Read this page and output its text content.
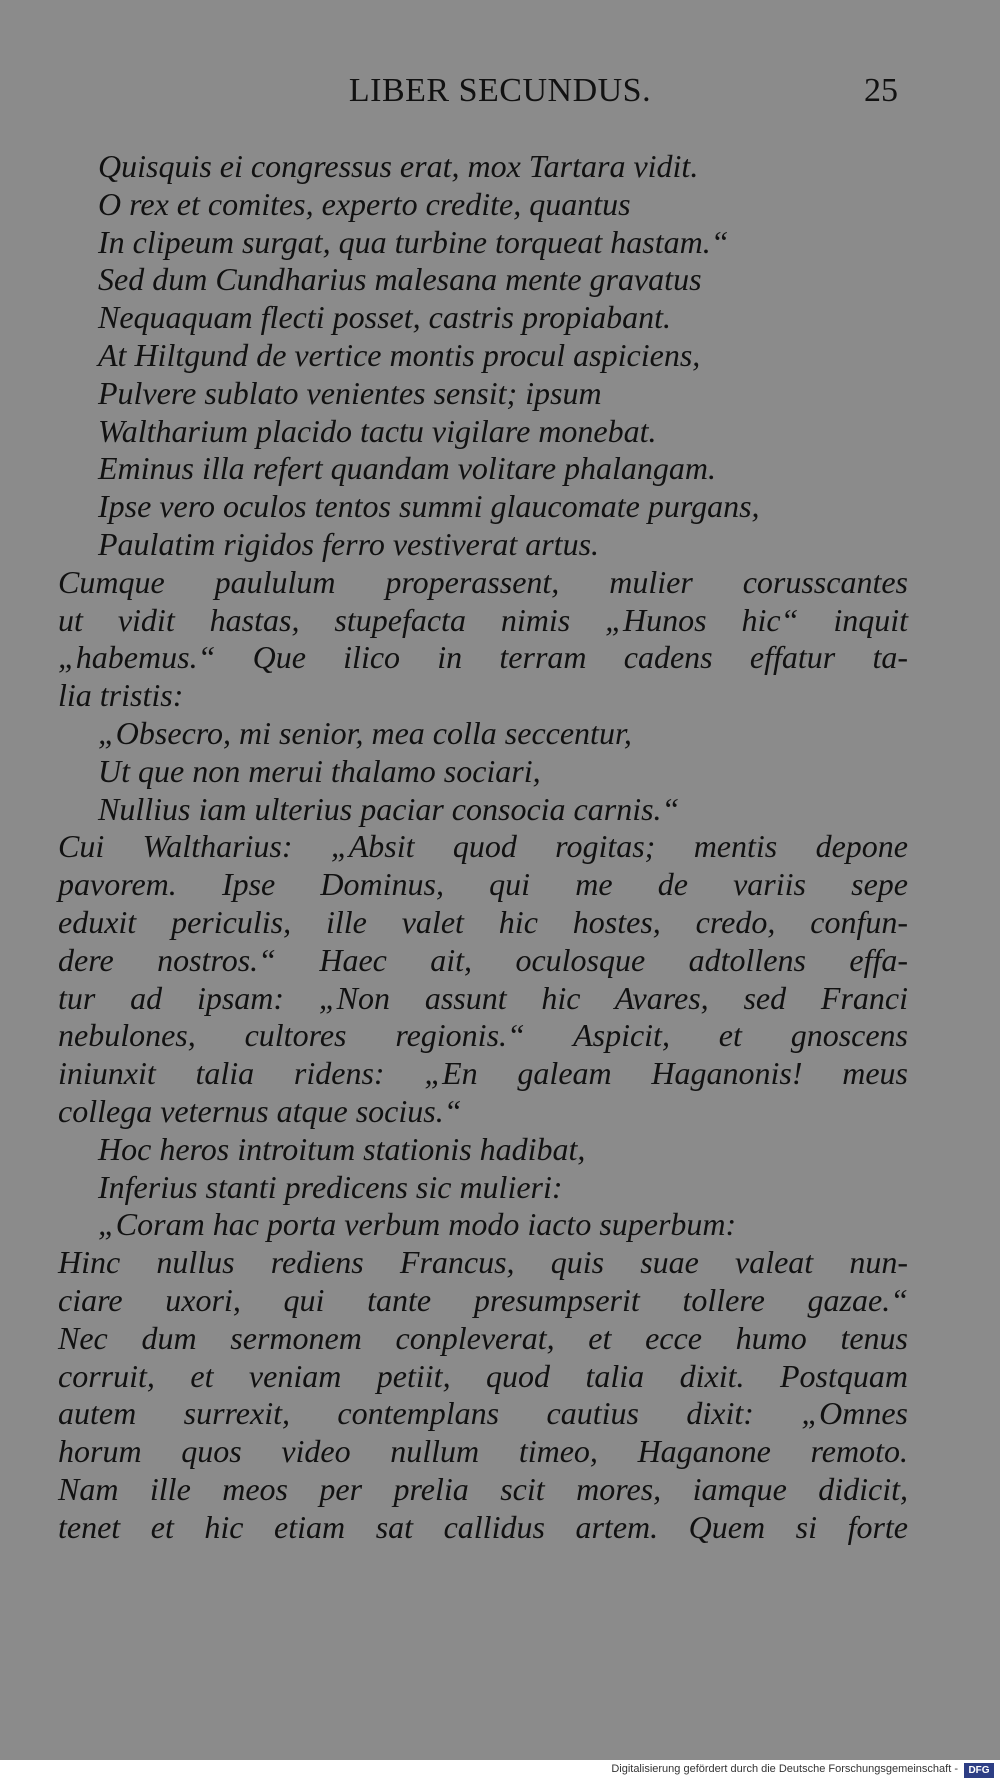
LIBER SECUNDUS.	25
Quisquis ei congressus erat, mox Tartara vidit.
O rex et comites, experto credite, quantus
In clipeum surgat, qua turbine torqueat hastam.“
Sed dum Cundharius malesana mente gravatus
Nequaquam flecti posset, castris propiabant.
At Hiltgund de vertice montis procul aspiciens,
Pulvere sublato venientes sensit; ipsum
Waltharium placido tactu vigilare monebat.
Eminus illa refert quandam volitare phalangam.
Ipse vero oculos tentos summi glaucomate purgans,
Paulatim rigidos ferro vestiverat artus.
Cumque paululum properassent, mulier corusscantes
ut vidit hastas, stupefacta nimis „Hunos hic“ inquit
„habemus.“ Que ilico in terram cadens effatur ta-
lia tristis:
„Obsecro, mi senior, mea colla seccentur,
Ut que non merui thalamo sociari,
Nullius iam ulterius paciar consocia carnis.“
Cui Waltharius: „Absit quod rogitas; mentis depone
pavorem. Ipse Dominus, qui me de variis sepe
eduxit periculis, ille valet hic hostes, credo, confun-
dere nostros.“ Haec ait, oculosque adtollens effa-
tur ad ipsam: „Non assunt hic Avares, sed Franci
nebulones, cultores regionis.“ Aspicit, et gnoscens
iniunxit talia ridens: „En galeam Haganonis! meus
collega veternus atque socius.“
Hoc heros introitum stationis hadibat,
Inferius stanti predicens sic mulieri:
„Coram hac porta verbum modo iacto superbum:
Hinc nullus rediens Francus, quis suae valeat nun-
ciare uxori, qui tante presumpserit tollere gazae.“
Nec dum sermonem conpleverat, et ecce humo tenus
corruit, et veniam petiit, quod talia dixit. Postquam
autem surrexit, contemplans cautius dixit: „Omnes
horum quos video nullum timeo, Haganone remoto.
Nam ille meos per prelia scit mores, iamque didicit,
tenet et hic etiam sat callidus artem. Quem si forte
Digitalisierung gefördert durch die Deutsche Forschungsgemeinschaft -	DFG
